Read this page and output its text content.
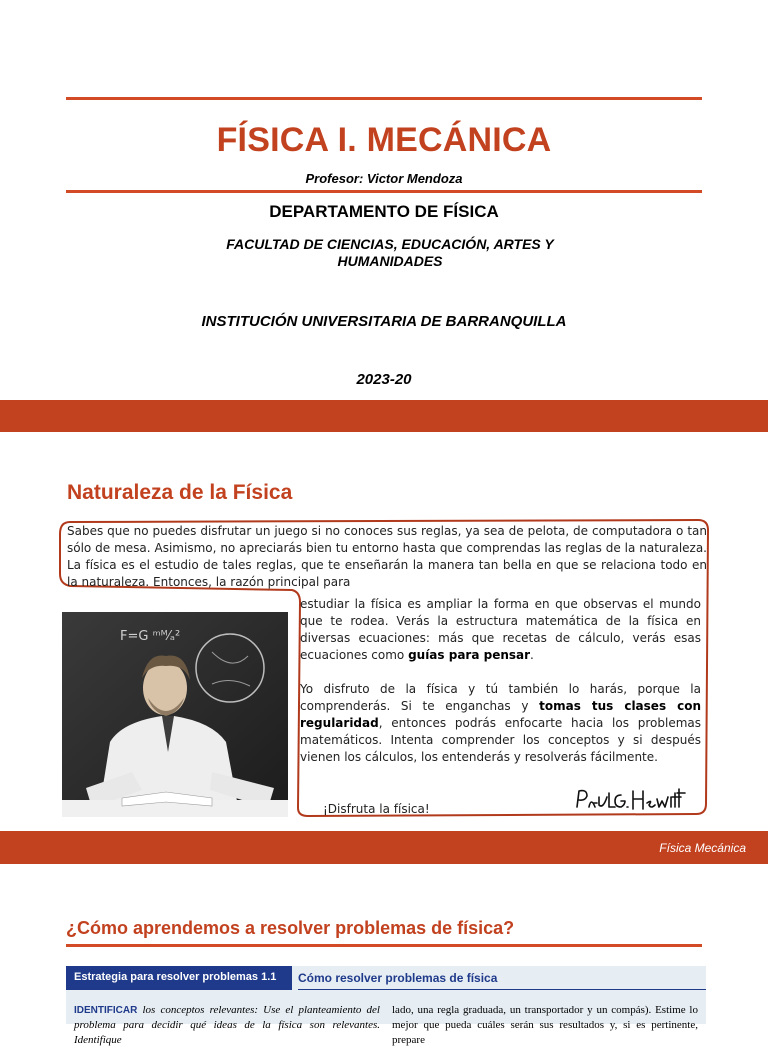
FÍSICA I. MECÁNICA
Profesor: Victor Mendoza
DEPARTAMENTO DE FÍSICA
FACULTAD DE CIENCIAS, EDUCACIÓN, ARTES Y HUMANIDADES
INSTITUCIÓN UNIVERSITARIA DE BARRANQUILLA
2023-20
Naturaleza de la Física
Sabes que no puedes disfrutar un juego si no conoces sus reglas, ya sea de pelota, de computadora o tan sólo de mesa. Asimismo, no apreciarás bien tu entorno hasta que comprendas las reglas de la naturaleza. La física es el estudio de tales reglas, que te enseñarán la manera tan bella en que se relaciona todo en la naturaleza. Entonces, la razón principal para
estudiar la física es ampliar la forma en que observas el mundo que te rodea. Verás la estructura matemática de la física en diversas ecuaciones: más que recetas de cálculo, verás esas ecuaciones como guías para pensar.
Yo disfruto de la física y tú también lo harás, porque la comprenderás. Si te enganchas y tomas tus clases con regularidad, entonces podrás enfocarte hacia los problemas matemáticos. Intenta comprender los conceptos y si después vienen los cálculos, los entenderás y resolverás fácilmente.
¡Disfruta la física!
F=G ᵐᴹ⁄ₐ²
Física Mecánica
¿Cómo aprendemos a resolver problemas de física?
Estrategia para resolver problemas 1.1 Cómo resolver problemas de física
IDENTIFICAR los conceptos relevantes: Use el planteamiento del problema para decidir qué ideas de la física son relevantes. Identifique
lado, una regla graduada, un transportador y un compás). Estime lo mejor que pueda cuáles serán sus resultados y, si es pertinente, prepare
